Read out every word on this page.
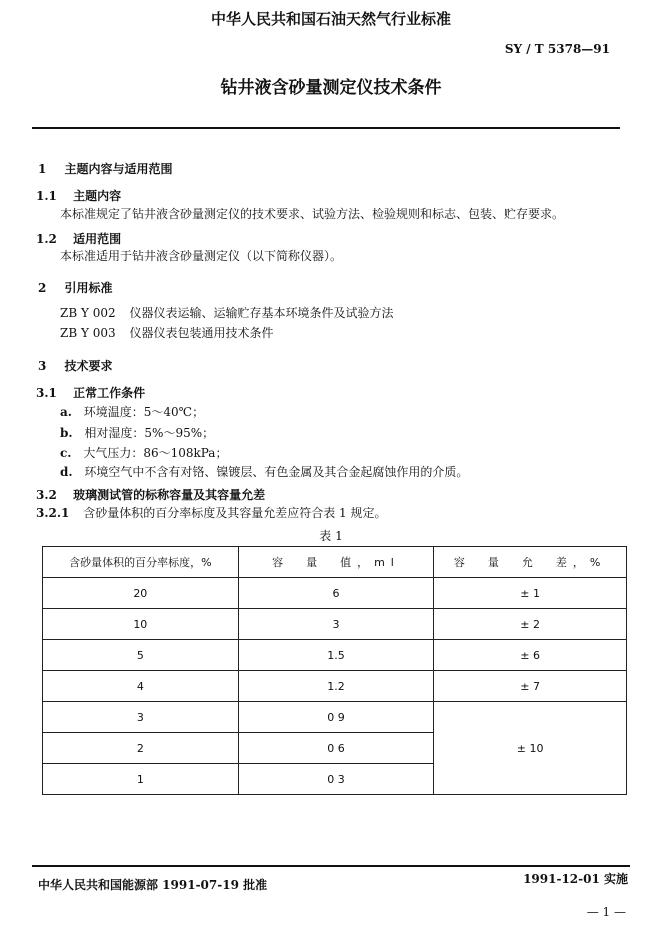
中华人民共和国石油天然气行业标准
SY / T 5378—91
钻井液含砂量测定仪技术条件
1 主题内容与适用范围
1.1 主题内容
本标准规定了钻井液含砂量测定仪的技术要求、试验方法、检验规则和标志、包装、贮存要求。
1.2 适用范围
本标准适用于钻井液含砂量测定仪（以下简称仪器）。
2 引用标准
ZB Y 002 仪器仪表运输、运输贮存基本环境条件及试验方法
ZB Y 003 仪器仪表包装通用技术条件
3 技术要求
3.1 正常工作条件
a. 环境温度：5～40℃；
b. 相对湿度：5%～95%；
c. 大气压力：86～108kPa；
d. 环境空气中不含有对铬、镍镀层、有色金属及其合金起腐蚀作用的介质。
3.2 玻璃测试管的标称容量及其容量允差
3.2.1 含砂量体积的百分率标度及其容量允差应符合表 1 规定。
表 1
含砂量体积的百分率标度，%	容　量　值，ml	容　量　允　差，%
20	6	± 1
10	3	± 2
5	1.5	± 6
4	1.2	± 7
3	0 9	± 10
2	0 6	
1	0 3	
中华人民共和国能源部 1991-07-19 批准	1991-12-01 实施
— 1 —
